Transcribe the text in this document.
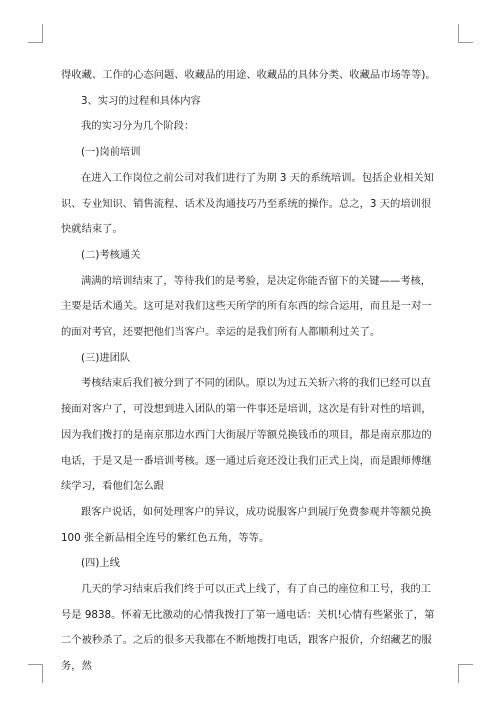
得收藏、工作的心态问题、收藏品的用途、收藏品的具体分类、收藏品市场等等)。

3、实习的过程和具体内容

我的实习分为几个阶段：

(一)岗前培训

在进入工作岗位之前公司对我们进行了为期 3 天的系统培训。包括企业相关知识、专业知识、销售流程、话术及沟通技巧乃至系统的操作。总之，3 天的培训很快就结束了。

(二)考核通关

满满的培训结束了，等待我们的是考验，是决定你能否留下的关键——考核，主要是话术通关。这可是对我们这些天所学的所有东西的综合运用，而且是一对一的面对考官，还要把他们当客户。幸运的是我们所有人都顺利过关了。

(三)进团队

考核结束后我们被分到了不同的团队。原以为过五关斩六将的我们已经可以直接面对客户了，可没想到进入团队的第一件事还是培训，这次是有针对性的培训，因为我们拨打的是南京那边水西门大街展厅等额兑换钱币的项目，都是南京那边的电话，于是又是一番培训考核。逐一通过后竟还没让我们正式上岗，而是跟师傅继续学习，看他们怎么跟

跟客户说话，如何处理客户的异议，成功说服客户到展厅免费参观并等额兑换 100 张全新品相全连号的紫红色五角，等等。

(四)上线

几天的学习结束后我们终于可以正式上线了，有了自己的座位和工号，我的工号是 9838。怀着无比激动的心情我拨打了第一通电话：关机!心情有些紧张了，第二个被秒杀了。之后的很多天我都在不断地拨打电话，跟客户报价，介绍藏艺的服务，然
